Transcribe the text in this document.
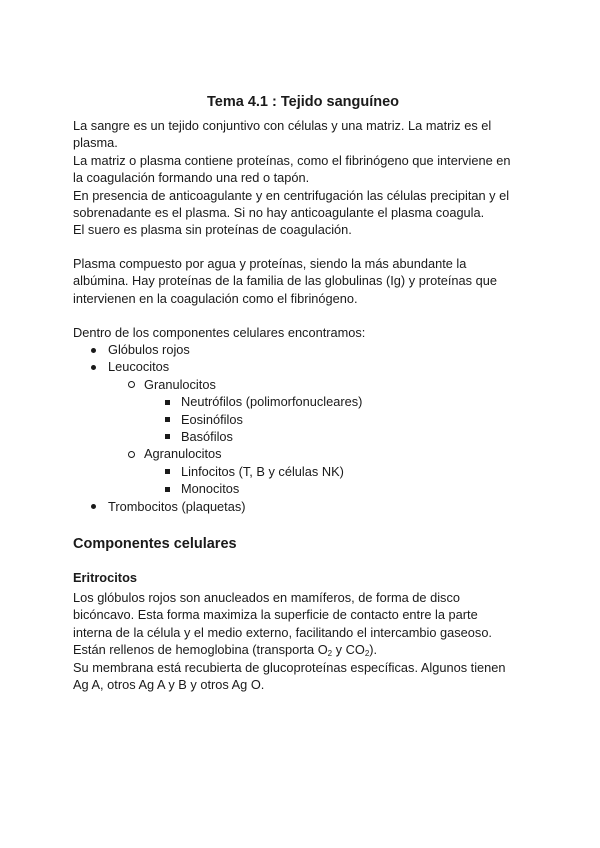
Tema 4.1 : Tejido sanguíneo

La sangre es un tejido conjuntivo con células y una matriz. La matriz es el

plasma.

La matriz o plasma contiene proteínas, como el fibrinógeno que interviene en

la coagulación formando una red o tapón.

En presencia de anticoagulante y en centrifugación las células precipitan y el

sobrenadante es el plasma. Si no hay anticoagulante el plasma coagula.

El suero es plasma sin proteínas de coagulación.

Plasma compuesto por agua y proteínas, siendo la más abundante la

albúmina. Hay proteínas de la familia de las globulinas (Ig) y proteínas que

intervienen en la coagulación como el fibrinógeno.

Dentro de los componentes celulares encontramos:
Glóbulos rojos
Leucocitos
Granulocitos
Neutrófilos (polimorfonucleares)
Eosinófilos
Basófilos
Agranulocitos
Linfocitos (T, B y células NK)
Monocitos
Trombocitos (plaquetas)
Componentes celulares
Eritrocitos

Los glóbulos rojos son anucleados en mamíferos, de forma de disco

bicóncavo. Esta forma maximiza la superficie de contacto entre la parte

interna de la célula y el medio externo, facilitando el intercambio gaseoso.

Están rellenos de hemoglobina (transporta $O_2$ y $CO_2$).

Su membrana está recubierta de glucoproteínas específicas. Algunos tienen

Ag A, otros Ag A y B y otros Ag O.
